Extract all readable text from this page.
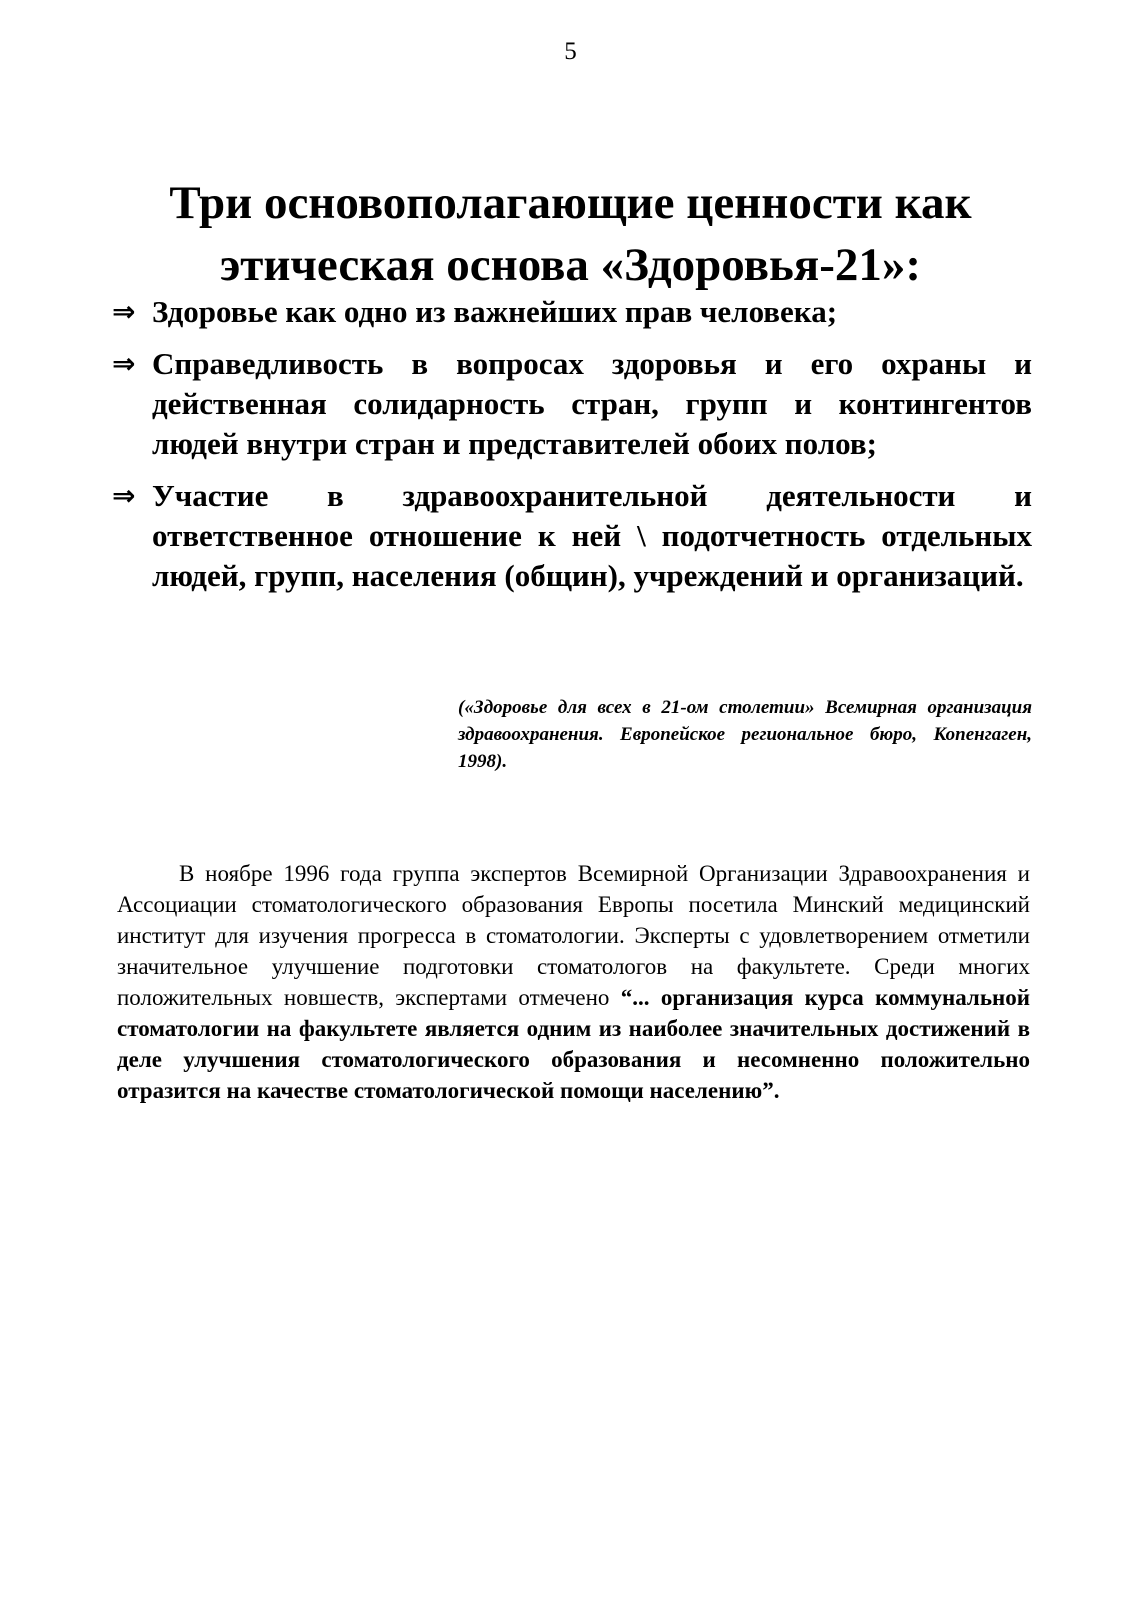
5
Три основополагающие ценности как этическая основа «Здоровья-21»:
⇒ Здоровье как одно из важнейших прав человека;
⇒ Справедливость в вопросах здоровья и его охраны и действенная солидарность стран, групп и контингентов людей внутри стран и представителей обоих полов;
⇒ Участие в здравоохранительной деятельности и ответственное отношение к ней \ подотчетность отдельных людей, групп, населения (общин), учреждений и организаций.

(«Здоровье для всех в 21-ом столетии» Всемирная организация здравоохранения. Европейское региональное бюро, Копенгаген, 1998).

В ноябре 1996 года группа экспертов Всемирной Организации Здравоохранения и Ассоциации стоматологического образования Европы посетила Минский медицинский институт для изучения прогресса в стоматологии. Эксперты с удовлетворением отметили значительное улучшение подготовки стоматологов на факультете. Среди многих положительных новшеств, экспертами отмечено “... организация курса коммунальной стоматологии на факультете является одним из наиболее значительных достижений в деле улучшения стоматологического образования и несомненно положительно отразится на качестве стоматологической помощи населению”.
